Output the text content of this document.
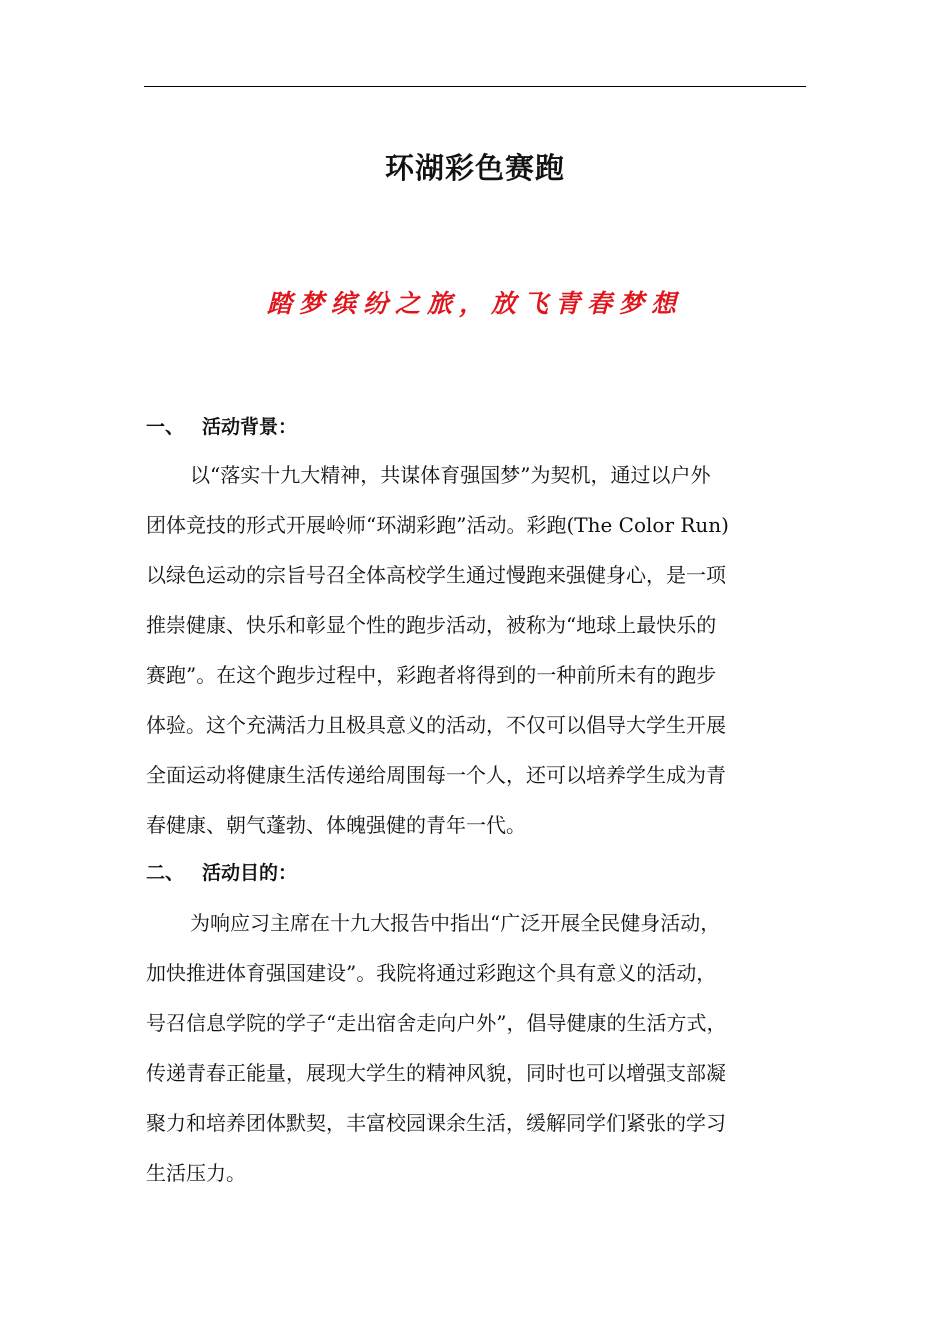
环湖彩色赛跑
踏梦缤纷之旅，放飞青春梦想
一、 活动背景：
以“落实十九大精神，共谋体育强国梦”为契机，通过以户外
团体竞技的形式开展岭师“环湖彩跑”活动。彩跑(The Color Run)
以绿色运动的宗旨号召全体高校学生通过慢跑来强健身心，是一项
推崇健康、快乐和彰显个性的跑步活动，被称为“地球上最快乐的
赛跑”。在这个跑步过程中，彩跑者将得到的一种前所未有的跑步
体验。这个充满活力且极具意义的活动，不仅可以倡导大学生开展
全面运动将健康生活传递给周围每一个人，还可以培养学生成为青
春健康、朝气蓬勃、体魄强健的青年一代。
二、 活动目的：
为响应习主席在十九大报告中指出“广泛开展全民健身活动，
加快推进体育强国建设”。我院将通过彩跑这个具有意义的活动，
号召信息学院的学子“走出宿舍走向户外”，倡导健康的生活方式，
传递青春正能量，展现大学生的精神风貌，同时也可以增强支部凝
聚力和培养团体默契，丰富校园课余生活，缓解同学们紧张的学习
生活压力。
